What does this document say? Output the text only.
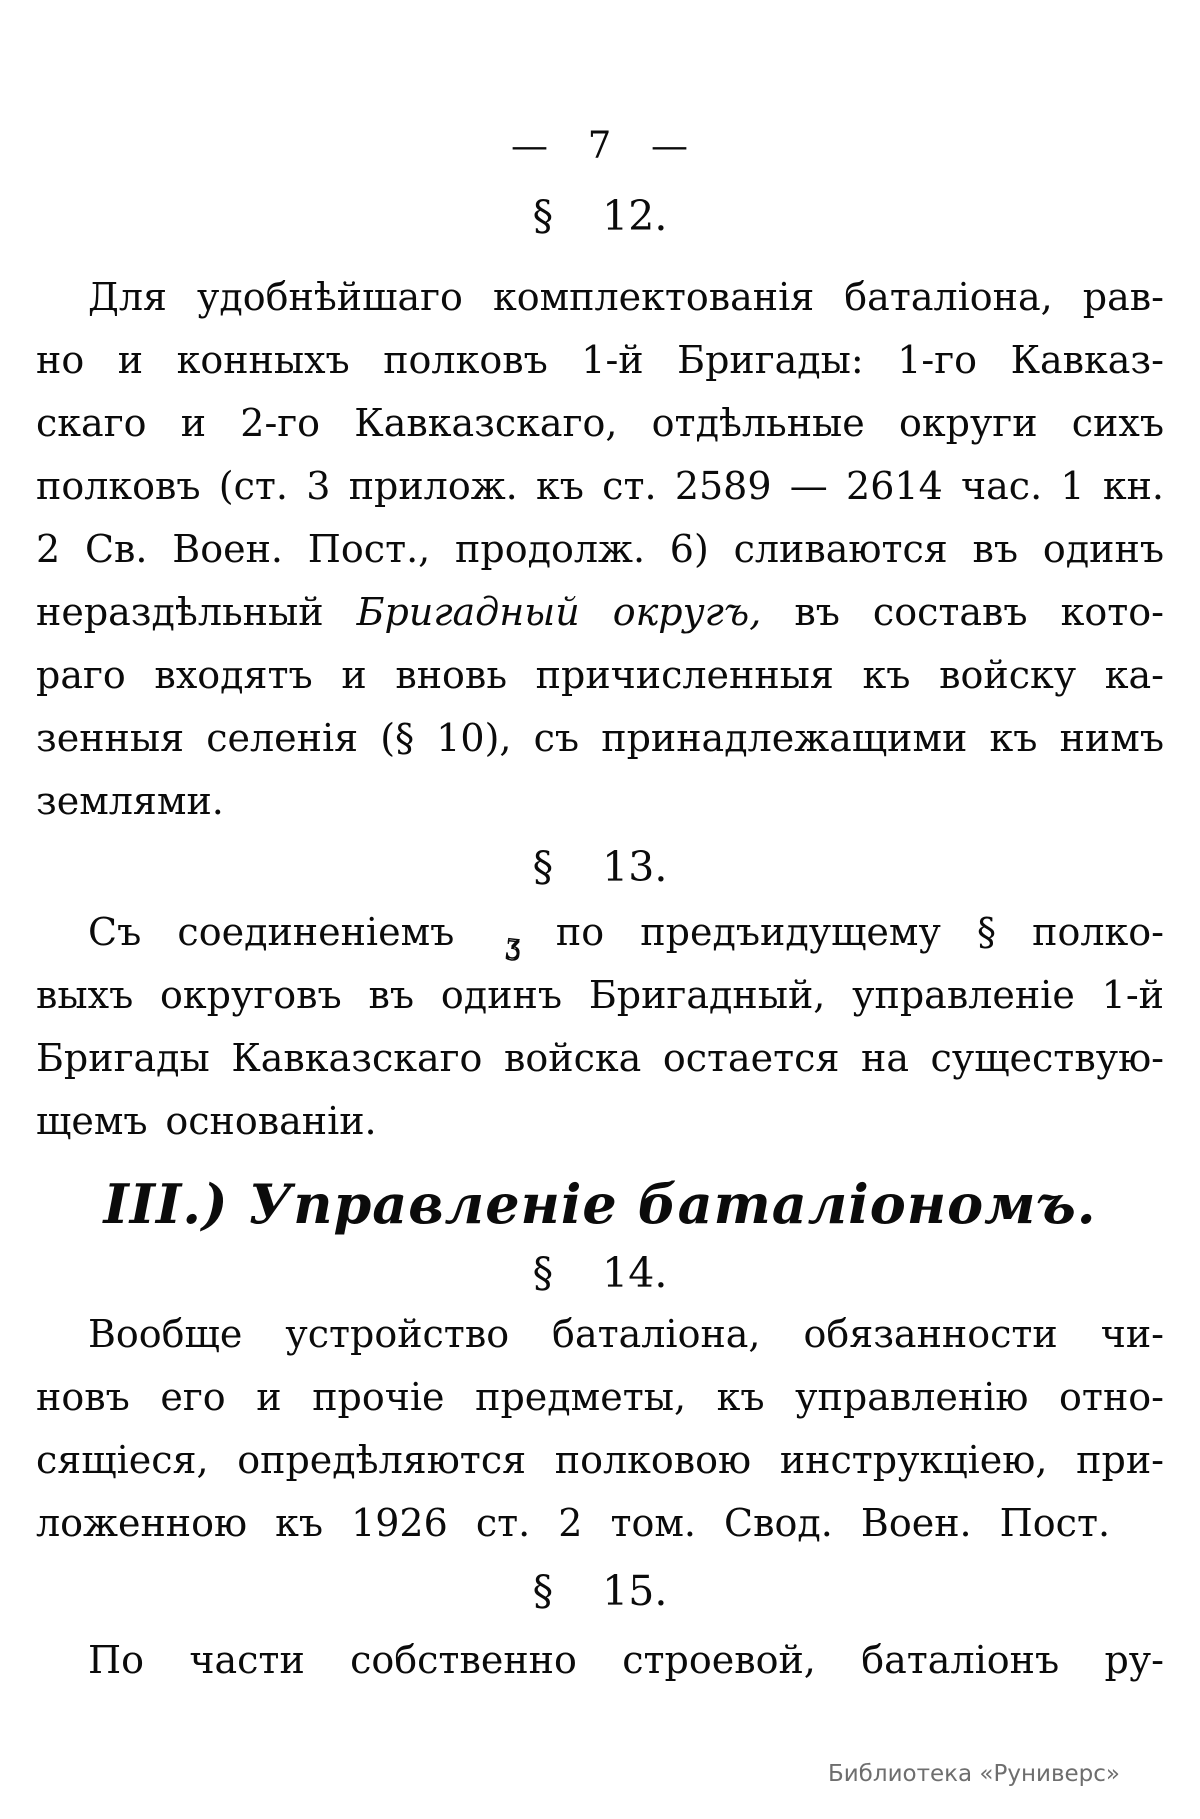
— 7 —
§ 12.
Для удобнѣйшаго комплектованія баталіона, рав-
но и конныхъ полковъ 1-й Бригады: 1-го Кавказ-
скаго и 2-го Кавказскаго, отдѣльные округи сихъ
полковъ (ст. 3 прилож. къ ст. 2589 — 2614 час. 1 кн.
2 Св. Воен. Пост., продолж. 6) сливаются въ одинъ
нераздѣльный Бригадный округъ, въ составъ кото-
раго входятъ и вновь причисленныя къ войску ка-
зенныя селенія (§ 10), съ принадлежащими къ нимъ
землями.
§ 13.
Съ соединеніемъ ʒ по предъидущему § полко-
выхъ округовъ въ одинъ Бригадный, управленіе 1-й
Бригады Кавказскаго войска остается на существую-
щемъ основаніи.
III.) Управленіе баталіономъ.
§ 14.
Вообще устройство баталіона, обязанности чи-
новъ его и прочіе предметы, къ управленію отно-
сящіеся, опредѣляются полковою инструкціею, при-
ложенною къ 1926 ст. 2 том. Свод. Воен. Пост.
§ 15.
По части собственно строевой, баталіонъ ру-
Библиотека «Руниверс»
